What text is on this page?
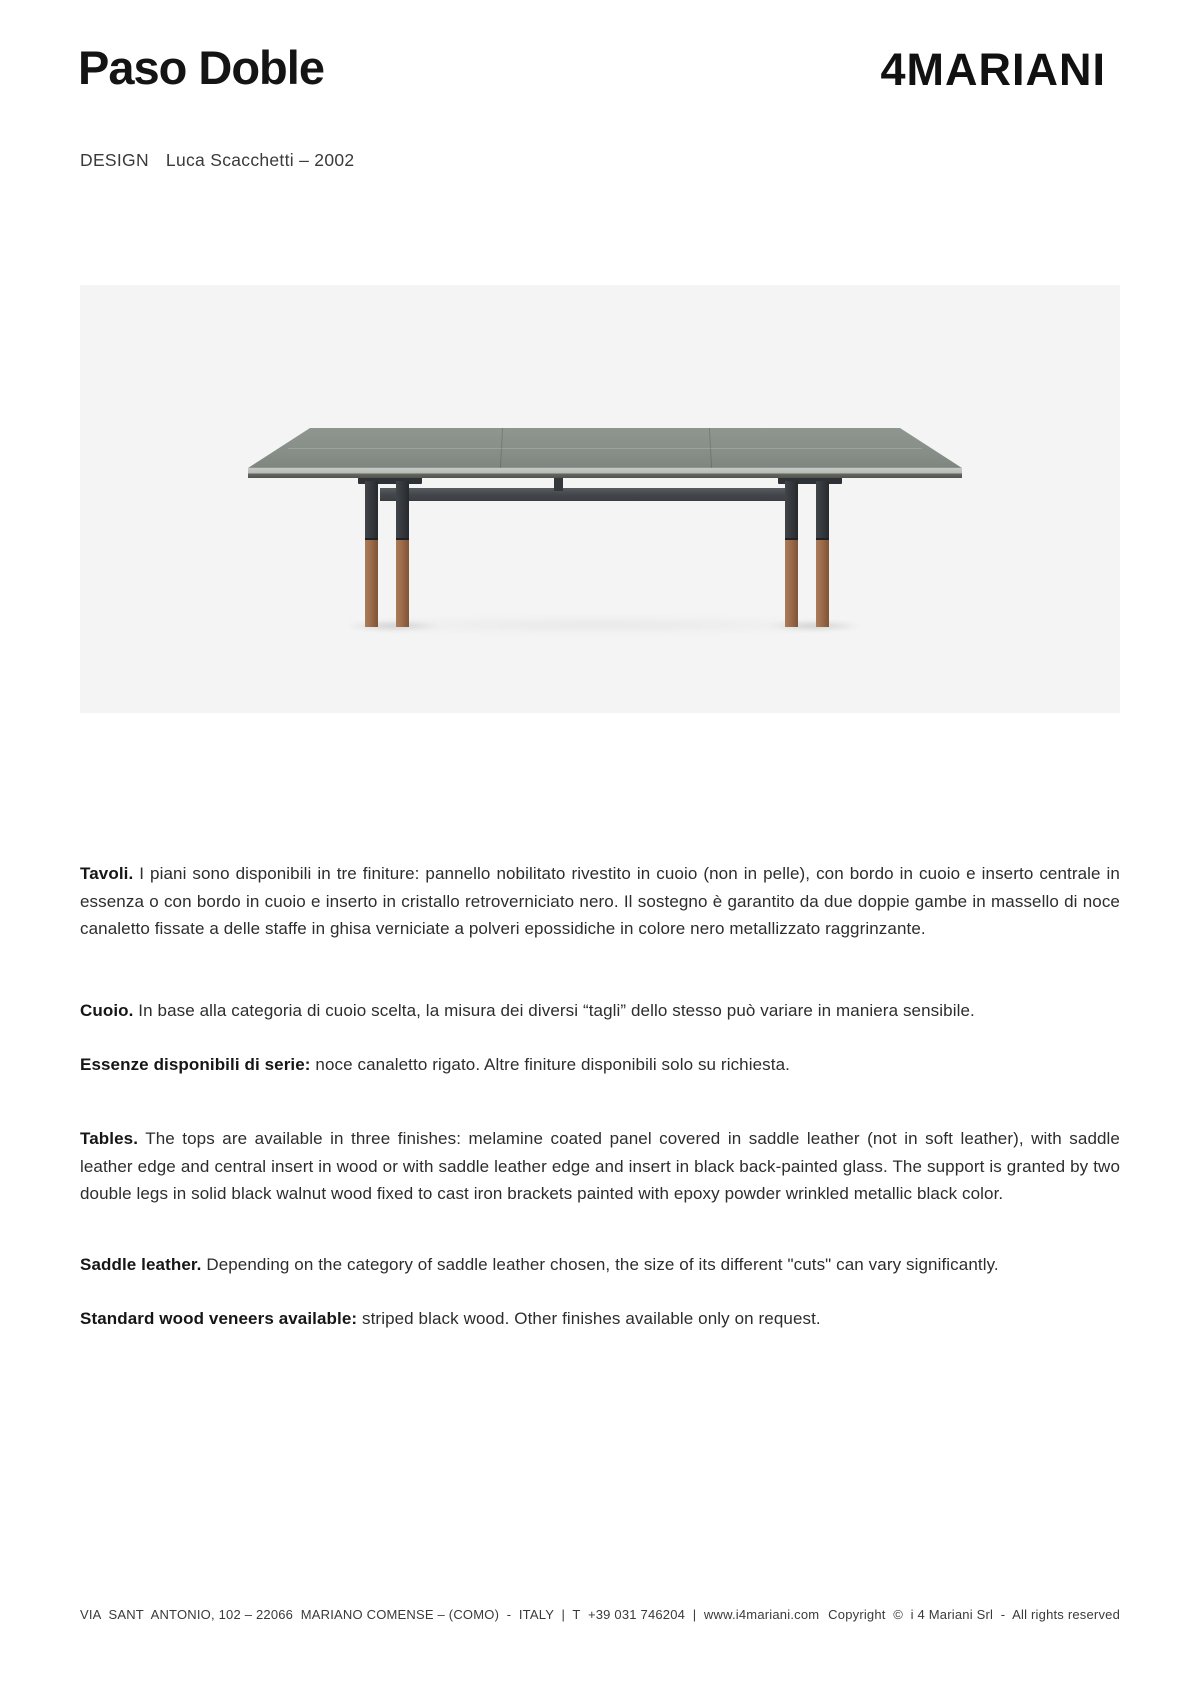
Paso Doble	4MARIANI
DESIGN Luca Scacchetti – 2002

Tavoli. I piani sono disponibili in tre finiture: pannello nobilitato rivestito in cuoio (non in pelle), con bordo in cuoio e inserto centrale in essenza o con bordo in cuoio e inserto in cristallo retroverniciato nero. Il sostegno è garantito da due doppie gambe in massello di noce canaletto fissate a delle staffe in ghisa verniciate a polveri epossidiche in colore nero metallizzato raggrinzante.

Cuoio. In base alla categoria di cuoio scelta, la misura dei diversi “tagli” dello stesso può variare in maniera sensibile.

Essenze disponibili di serie: noce canaletto rigato. Altre finiture disponibili solo su richiesta.

Tables. The tops are available in three finishes: melamine coated panel covered in saddle leather (not in soft leather), with saddle leather edge and central insert in wood or with saddle leather edge and insert in black back-painted glass. The support is granted by two double legs in solid black walnut wood fixed to cast iron brackets painted with epoxy powder wrinkled metallic black color.

Saddle leather. Depending on the category of saddle leather chosen, the size of its different "cuts" can vary significantly.

Standard wood veneers available: striped black wood. Other finishes available only on request.

VIA  SANT  ANTONIO, 102 – 22066  MARIANO COMENSE – (COMO)  -  ITALY  |  T  +39 031 746204  |  www.i4mariani.com Copyright  ©  i 4 Mariani Srl  -  All rights reserved
